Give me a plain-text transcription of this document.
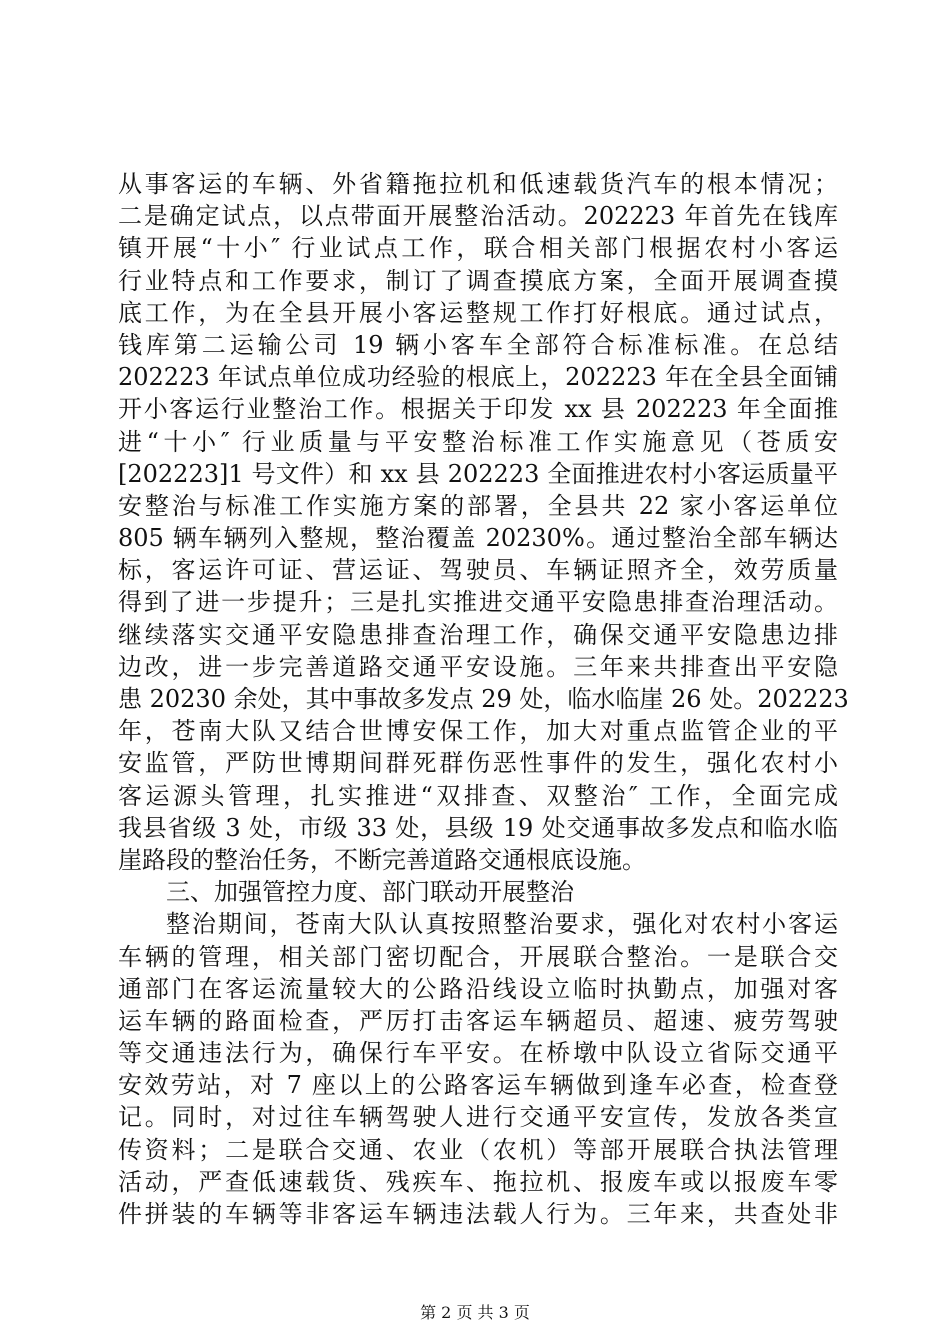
从事客运的车辆、外省籍拖拉机和低速载货汽车的根本情况；
二是确定试点，以点带面开展整治活动。202223 年首先在钱库
镇开展“十小″ 行业试点工作，联合相关部门根据农村小客运
行业特点和工作要求，制订了调查摸底方案，全面开展调查摸
底工作，为在全县开展小客运整规工作打好根底。通过试点，
钱库第二运输公司 19 辆小客车全部符合标准标准。在总结
202223 年试点单位成功经验的根底上，202223 年在全县全面铺
开小客运行业整治工作。根据关于印发 xx 县 202223 年全面推
进“十小″ 行业质量与平安整治标准工作实施意见（苍质安
[202223]1 号文件）和 xx 县 202223 全面推进农村小客运质量平
安整治与标准工作实施方案的部署，全县共 22 家小客运单位
805 辆车辆列入整规，整治覆盖 20230%。通过整治全部车辆达
标，客运许可证、营运证、驾驶员、车辆证照齐全，效劳质量
得到了进一步提升；三是扎实推进交通平安隐患排查治理活动。
继续落实交通平安隐患排查治理工作，确保交通平安隐患边排
边改，进一步完善道路交通平安设施。三年来共排查出平安隐
患 20230 余处，其中事故多发点 29 处，临水临崖 26 处。202223
年，苍南大队又结合世博安保工作，加大对重点监管企业的平
安监管，严防世博期间群死群伤恶性事件的发生，强化农村小
客运源头管理，扎实推进“双排查、双整治″ 工作，全面完成
我县省级 3 处，市级 33 处，县级 19 处交通事故多发点和临水临
崖路段的整治任务，不断完善道路交通根底设施。
三、加强管控力度、部门联动开展整治
整治期间，苍南大队认真按照整治要求，强化对农村小客运
车辆的管理，相关部门密切配合，开展联合整治。一是联合交
通部门在客运流量较大的公路沿线设立临时执勤点，加强对客
运车辆的路面检查，严厉打击客运车辆超员、超速、疲劳驾驶
等交通违法行为，确保行车平安。在桥墩中队设立省际交通平
安效劳站，对 7 座以上的公路客运车辆做到逢车必查，检查登
记。同时，对过往车辆驾驶人进行交通平安宣传，发放各类宣
传资料；二是联合交通、农业（农机）等部开展联合执法管理
活动，严查低速载货、残疾车、拖拉机、报废车或以报废车零
件拼装的车辆等非客运车辆违法载人行为。三年来，共查处非
第 2 页 共 3 页
